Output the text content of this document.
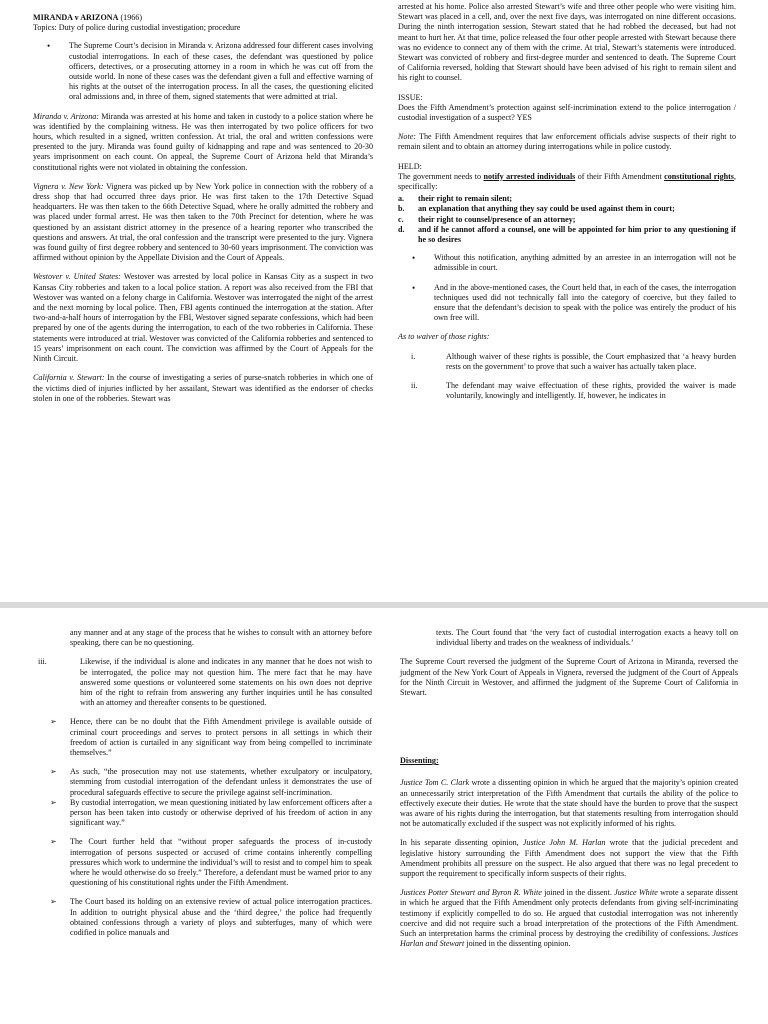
MIRANDA v ARIZONA (1966)

Topics: Duty of police during custodial investigation; procedure

• The Supreme Court’s decision in Miranda v. Arizona addressed four different cases involving custodial interrogations. In each of these cases, the defendant was questioned by police officers, detectives, or a prosecuting attorney in a room in which he was cut off from the outside world. In none of these cases was the defendant given a full and effective warning of his rights at the outset of the interrogation process. In all the cases, the questioning elicited oral admissions and, in three of them, signed statements that were admitted at trial.

Miranda v. Arizona: Miranda was arrested at his home and taken in custody to a police station where he was identified by the complaining witness. He was then interrogated by two police officers for two hours, which resulted in a signed, written confession. At trial, the oral and written confessions were presented to the jury. Miranda was found guilty of kidnapping and rape and was sentenced to 20-30 years imprisonment on each count. On appeal, the Supreme Court of Arizona held that Miranda’s constitutional rights were not violated in obtaining the confession.

Vignera v. New York: Vignera was picked up by New York police in connection with the robbery of a dress shop that had occurred three days prior. He was first taken to the 17th Detective Squad headquarters. He was then taken to the 66th Detective Squad, where he orally admitted the robbery and was placed under formal arrest. He was then taken to the 70th Precinct for detention, where he was questioned by an assistant district attorney in the presence of a hearing reporter who transcribed the questions and answers. At trial, the oral confession and the transcript were presented to the jury. Vignera was found guilty of first degree robbery and sentenced to 30-60 years imprisonment. The conviction was affirmed without opinion by the Appellate Division and the Court of Appeals.

Westover v. United States: Westover was arrested by local police in Kansas City as a suspect in two Kansas City robberies and taken to a local police station. A report was also received from the FBI that Westover was wanted on a felony charge in California. Westover was interrogated the night of the arrest and the next morning by local police. Then, FBI agents continued the interrogation at the station. After two-and-a-half hours of interrogation by the FBI, Westover signed separate confessions, which had been prepared by one of the agents during the interrogation, to each of the two robberies in California. These statements were introduced at trial. Westover was convicted of the California robberies and sentenced to 15 years’ imprisonment on each count. The conviction was affirmed by the Court of Appeals for the Ninth Circuit.

California v. Stewart: In the course of investigating a series of purse-snatch robberies in which one of the victims died of injuries inflicted by her assailant, Stewart was identified as the endorser of checks stolen in one of the robberies. Stewart was

arrested at his home. Police also arrested Stewart’s wife and three other people who were visiting him. Stewart was placed in a cell, and, over the next five days, was interrogated on nine different occasions. During the ninth interrogation session, Stewart stated that he had robbed the deceased, but had not meant to hurt her. At that time, police released the four other people arrested with Stewart because there was no evidence to connect any of them with the crime. At trial, Stewart’s statements were introduced. Stewart was convicted of robbery and first-degree murder and sentenced to death. The Supreme Court of California reversed, holding that Stewart should have been advised of his right to remain silent and his right to counsel.

ISSUE:

Does the Fifth Amendment’s protection against self-incrimination extend to the police interrogation / custodial investigation of a suspect? YES

Note: The Fifth Amendment requires that law enforcement officials advise suspects of their right to remain silent and to obtain an attorney during interrogations while in police custody.

HELD:
The government needs to notify arrested individuals of their Fifth Amendment constitutional rights, specifically:
a. their right to remain silent;
b. an explanation that anything they say could be used against them in court;
c. their right to counsel/presence of an attorney;
d. and if he cannot afford a counsel, one will be appointed for him prior to any questioning if he so desires
• Without this notification, anything admitted by an arrestee in an interrogation will not be admissible in court.
• And in the above-mentioned cases, the Court held that, in each of the cases, the interrogation techniques used did not technically fall into the category of coercive, but they failed to ensure that the defendant’s decision to speak with the police was entirely the product of his own free will.

As to waiver of those rights:

i.	Although waiver of these rights is possible, the Court emphasized that ‘a heavy burden rests on the government’ to prove that such a waiver has actually taken place.
ii.	The defendant may waive effectuation of these rights, provided the waiver is made voluntarily, knowingly and intelligently. If, however, he indicates in

any manner and at any stage of the process that he wishes to consult with an attorney before speaking, there can be no questioning.

iii.	Likewise, if the individual is alone and indicates in any manner that he does not wish to be interrogated, the police may not question him. The mere fact that he may have answered some questions or volunteered some statements on his own does not deprive him of the right to refrain from answering any further inquiries until he has consulted with an attorney and thereafter consents to be questioned.
➢ Hence, there can be no doubt that the Fifth Amendment privilege is available outside of criminal court proceedings and serves to protect persons in all settings in which their freedom of action is curtailed in any significant way from being compelled to incriminate themselves.”
➢ As such, “the prosecution may not use statements, whether exculpatory or inculpatory, stemming from custodial interrogation of the defendant unless it demonstrates the use of procedural safeguards effective to secure the privilege against self-incrimination.
➢ By custodial interrogation, we mean questioning initiated by law enforcement officers after a person has been taken into custody or otherwise deprived of his freedom of action in any significant way.”
➢ The Court further held that “without proper safeguards the process of in-custody interrogation of persons suspected or accused of crime contains inherently compelling pressures which work to undermine the individual’s will to resist and to compel him to speak where he would otherwise do so freely.” Therefore, a defendant must be warned prior to any questioning of his constitutional rights under the Fifth Amendment.
➢ The Court based its holding on an extensive review of actual police interrogation practices. In addition to outright physical abuse and the ‘third degree,’ the police had frequently obtained confessions through a variety of ploys and subterfuges, many of which were codified in police manuals and

texts. The Court found that ‘the very fact of custodial interrogation exacts a heavy toll on individual liberty and trades on the weakness of individuals.’

The Supreme Court reversed the judgment of the Supreme Court of Arizona in Miranda, reversed the judgment of the New York Court of Appeals in Vignera, reversed the judgment of the Court of Appeals for the Ninth Circuit in Westover, and affirmed the judgment of the Supreme Court of California in Stewart.

Dissenting:

Justice Tom C. Clark wrote a dissenting opinion in which he argued that the majority’s opinion created an unnecessarily strict interpretation of the Fifth Amendment that curtails the ability of the police to effectively execute their duties. He wrote that the state should have the burden to prove that the suspect was aware of his rights during the interrogation, but that statements resulting from interrogation should not be automatically excluded if the suspect was not explicitly informed of his rights.

In his separate dissenting opinion, Justice John M. Harlan wrote that the judicial precedent and legislative history surrounding the Fifth Amendment does not support the view that the Fifth Amendment prohibits all pressure on the suspect. He also argued that there was no legal precedent to support the requirement to specifically inform suspects of their rights.

Justices Potter Stewart and Byron R. White joined in the dissent. Justice White wrote a separate dissent in which he argued that the Fifth Amendment only protects defendants from giving self-incriminating testimony if explicitly compelled to do so. He argued that custodial interrogation was not inherently coercive and did not require such a broad interpretation of the protections of the Fifth Amendment. Such an interpretation harms the criminal process by destroying the credibility of confessions. Justices Harlan and Stewart joined in the dissenting opinion.
